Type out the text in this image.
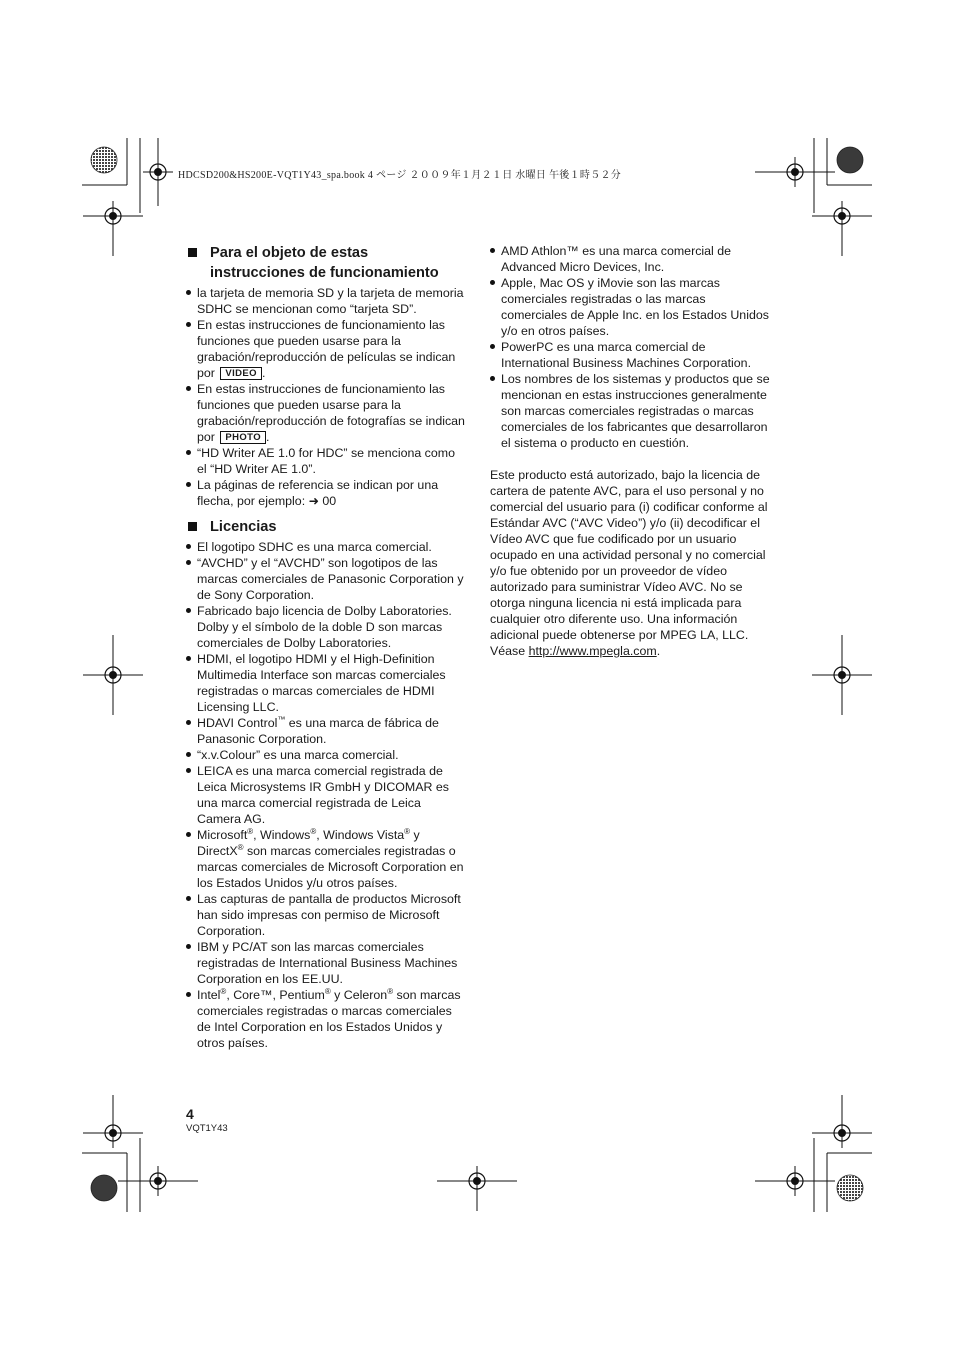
HDCSD200&HS200E-VQT1Y43_spa.book 4 ページ ２００９年１月２１日 水曜日 午後１時５２分
Para el objeto de estas instrucciones de funcionamiento
la tarjeta de memoria SD y la tarjeta de memoria SDHC se mencionan como “tarjeta SD”.
En estas instrucciones de funcionamiento las funciones que pueden usarse para la grabación/reproducción de películas se indican por VIDEO .
En estas instrucciones de funcionamiento las funciones que pueden usarse para la grabación/reproducción de fotografías se indican por PHOTO .
“HD Writer AE 1.0 for HDC” se menciona como el “HD Writer AE 1.0”.
La páginas de referencia se indican por una flecha, por ejemplo: ➜ 00
Licencias
El logotipo SDHC es una marca comercial.
“AVCHD” y el “AVCHD” son logotipos de las marcas comerciales de Panasonic Corporation y de Sony Corporation.
Fabricado bajo licencia de Dolby Laboratories. Dolby y el símbolo de la doble D son marcas comerciales de Dolby Laboratories.
HDMI, el logotipo HDMI y el High-Definition Multimedia Interface son marcas comerciales registradas o marcas comerciales de HDMI Licensing LLC.
HDAVI Control™ es una marca de fábrica de Panasonic Corporation.
“x.v.Colour” es una marca comercial.
LEICA es una marca comercial registrada de Leica Microsystems IR GmbH y DICOMAR es una marca comercial registrada de Leica Camera AG.
Microsoft®, Windows®, Windows Vista® y DirectX® son marcas comerciales registradas o marcas comerciales de Microsoft Corporation en los Estados Unidos y/u otros países.
Las capturas de pantalla de productos Microsoft han sido impresas con permiso de Microsoft Corporation.
IBM y PC/AT son las marcas comerciales registradas de International Business Machines Corporation en los EE.UU.
Intel®, Core™, Pentium® y Celeron® son marcas comerciales registradas o marcas comerciales de Intel Corporation en los Estados Unidos y otros países.
AMD Athlon™ es una marca comercial de Advanced Micro Devices, Inc.
Apple, Mac OS y iMovie son las marcas comerciales registradas o las marcas comerciales de Apple Inc. en los Estados Unidos y/o en otros países.
PowerPC es una marca comercial de International Business Machines Corporation.
Los nombres de los sistemas y productos que se mencionan en estas instrucciones generalmente son marcas comerciales registradas o marcas comerciales de los fabricantes que desarrollaron el sistema o producto en cuestión.
Este producto está autorizado, bajo la licencia de cartera de patente AVC, para el uso personal y no comercial del usuario para (i) codificar conforme al Estándar AVC (“AVC Video”) y/o (ii) decodificar el Vídeo AVC que fue codificado por un usuario ocupado en una actividad personal y no comercial y/o fue obtenido por un proveedor de vídeo autorizado para suministrar Vídeo AVC. No se otorga ninguna licencia ni está implicada para cualquier otro diferente uso. Una información adicional puede obtenerse por MPEG LA, LLC. Véase http://www.mpegla.com.
4
VQT1Y43
